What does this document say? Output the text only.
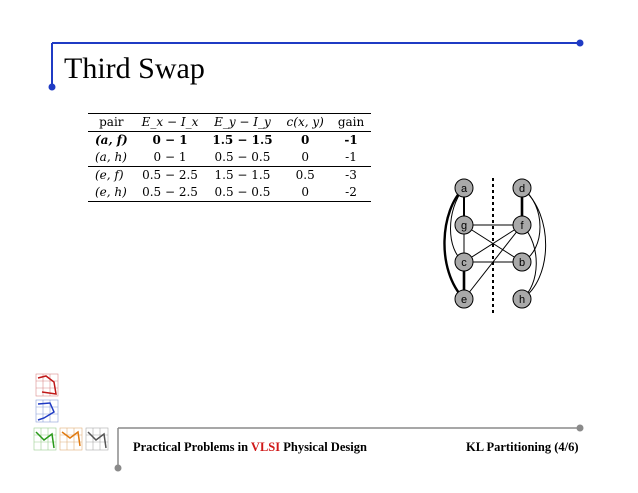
Third Swap
pair	E_x − I_x	E_y − I_y	c(x, y)	gain
(a, f)	0 − 1	1.5 − 1.5	0	-1
(a, h)	0 − 1	0.5 − 0.5	0	-1
(e, f)	0.5 − 2.5	1.5 − 1.5	0.5	-3
(e, h)	0.5 − 2.5	0.5 − 0.5	0	-2	a
g
c
e
d
f
b
h
Practical Problems in VLSI Physical Design	KL Partitioning (4/6)
